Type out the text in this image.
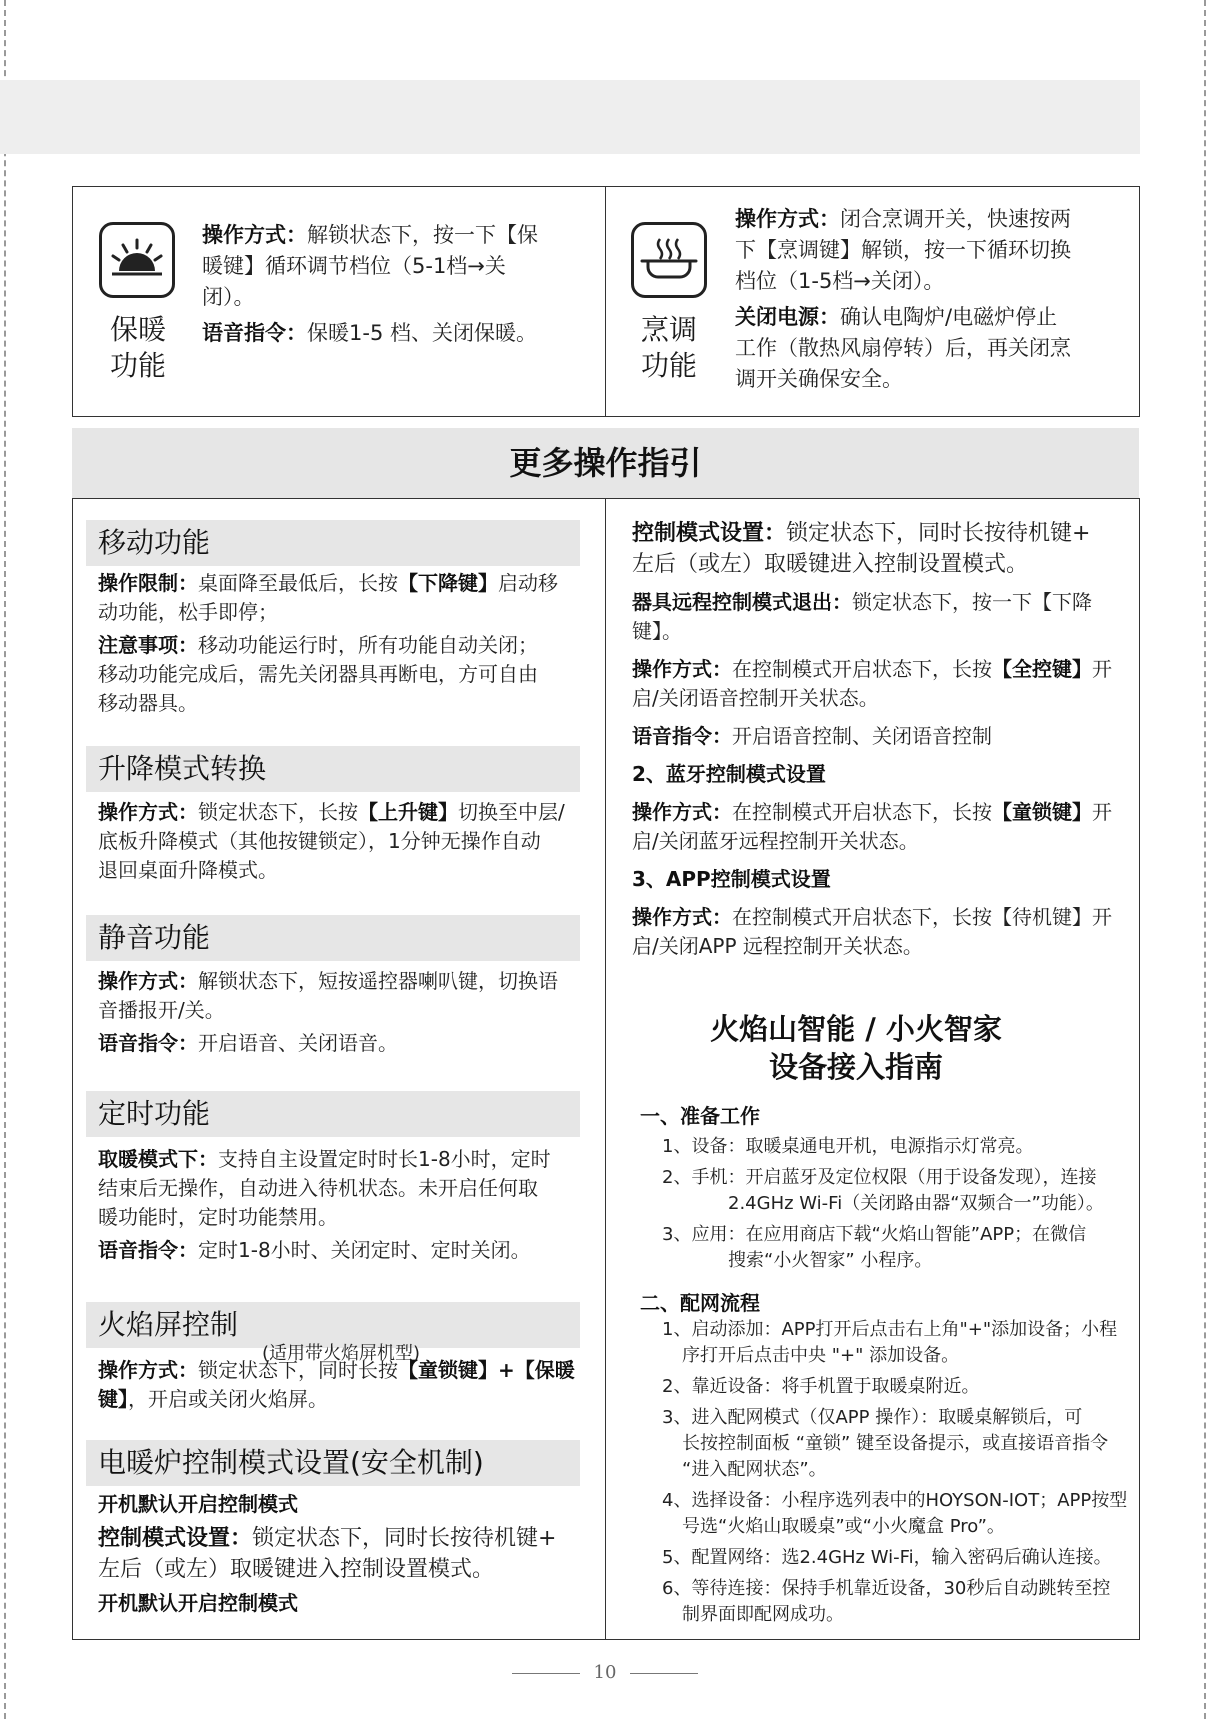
保暖
功能
操作方式：解锁状态下，按一下【保
暖键】循环调节档位（5-1档→关
闭）。
语音指令：保暖1-5 档、关闭保暖。	烹调
功能
操作方式：闭合烹调开关，快速按两
下【烹调键】解锁，按一下循环切换
档位（1-5档→关闭）。
关闭电源：确认电陶炉/电磁炉停止
工作（散热风扇停转）后，再关闭烹
调开关确保安全。
更多操作指引
移动功能
操作限制：桌面降至最低后，长按【下降键】启动移
动功能，松手即停；
注意事项：移动功能运行时，所有功能自动关闭；
移动功能完成后，需先关闭器具再断电，方可自由
移动器具。
升降模式转换
操作方式：锁定状态下，长按【上升键】切换至中层/
底板升降模式（其他按键锁定），1分钟无操作自动
退回桌面升降模式。
静音功能
操作方式：解锁状态下，短按遥控器喇叭键，切换语
音播报开/关。
语音指令：开启语音、关闭语音。
定时功能
取暖模式下：支持自主设置定时时长1-8小时，定时
结束后无操作，自动进入待机状态。未开启任何取
暖功能时，定时功能禁用。
语音指令：定时1-8小时、关闭定时、定时关闭。
火焰屏控制
(适用带火焰屏机型)
操作方式：锁定状态下，同时长按【童锁键】+【保暖
键】，开启或关闭火焰屏。
电暖炉控制模式设置(安全机制)
开机默认开启控制模式
控制模式设置：锁定状态下，同时长按待机键+
左后（或左）取暖键进入控制设置模式。
开机默认开启控制模式
控制模式设置：锁定状态下，同时长按待机键+
左后（或左）取暖键进入控制设置模式。
器具远程控制模式退出：锁定状态下，按一下【下降
键】。
操作方式：在控制模式开启状态下，长按【全控键】开
启/关闭语音控制开关状态。
语音指令：开启语音控制、关闭语音控制
2、蓝牙控制模式设置
操作方式：在控制模式开启状态下，长按【童锁键】开
启/关闭蓝牙远程控制开关状态。
3、APP控制模式设置
操作方式：在控制模式开启状态下，长按【待机键】开
启/关闭APP 远程控制开关状态。
火焰山智能 / 小火智家
设备接入指南
一、准备工作
1、设备：取暖桌通电开机，电源指示灯常亮。
2、手机：开启蓝牙及定位权限（用于设备发现），连接
2.4GHz Wi-Fi（关闭路由器“双频合一”功能）。
3、应用：在应用商店下载“火焰山智能”APP；在微信
搜索“小火智家” 小程序。
二、配网流程
1、启动添加：APP打开后点击右上角"+"添加设备；小程
序打开后点击中央 "+" 添加设备。
2、靠近设备：将手机置于取暖桌附近。
3、进入配网模式（仅APP 操作）：取暖桌解锁后，可
长按控制面板 “童锁” 键至设备提示，或直接语音指令
“进入配网状态”。
4、选择设备：小程序选列表中的HOYSON-IOT；APP按型
号选“火焰山取暖桌”或“小火魔盒 Pro”。
5、配置网络：选2.4GHz Wi-Fi，输入密码后确认连接。
6、等待连接：保持手机靠近设备，30秒后自动跳转至控
制界面即配网成功。
10
